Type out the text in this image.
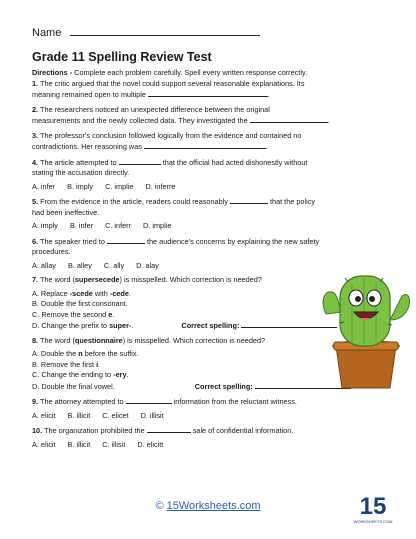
Name
Grade 11 Spelling Review Test

Directions - Complete each problem carefully. Spell every written response correctly.

1. The critic argued that the novel could support several reasonable explanations. Its

meaning remained open to multiple	.

2. The researchers noticed an unexpected difference between the original

measurements and the newly collected data. They investigated the	.

3. The professor's conclusion followed logically from the evidence and contained no

contradictions. Her reasoning was	.

4. The article attempted to	that the official had acted dishonestly without

stating the accusation directly.

A. infer B. imply C. implie D. inferre

5. From the evidence in the article, readers could reasonably	that the policy

had been ineffective.

A. imply B. infer C. inferr D. implie

6. The speaker tried to	the audience's concerns by explaining the new safety

procedures.

A. allay B. alley C. ally D. alay

7. The word (supersecede) is misspelled. Which correction is needed?

A. Replace -scede with -cede.

B. Double the first consonant.

C. Remove the second e.

D. Change the prefix to super-.	Correct spelling:

8. The word (questionnaire) is misspelled. Which correction is needed?

A. Double the n before the suffix.

B. Remove the first i.

C. Change the ending to -ery.

D. Double the final vowel.	Correct spelling:

9. The attorney attempted to	information from the reluctant witness.

A. elicit B. illicit C. elicet D. illisit

10. The organization prohibited the	sale of confidential information.

A. elicit B. illicit C. illisit D. elicitt
© 15Worksheets.com	15
WORKSHEETS.COM
